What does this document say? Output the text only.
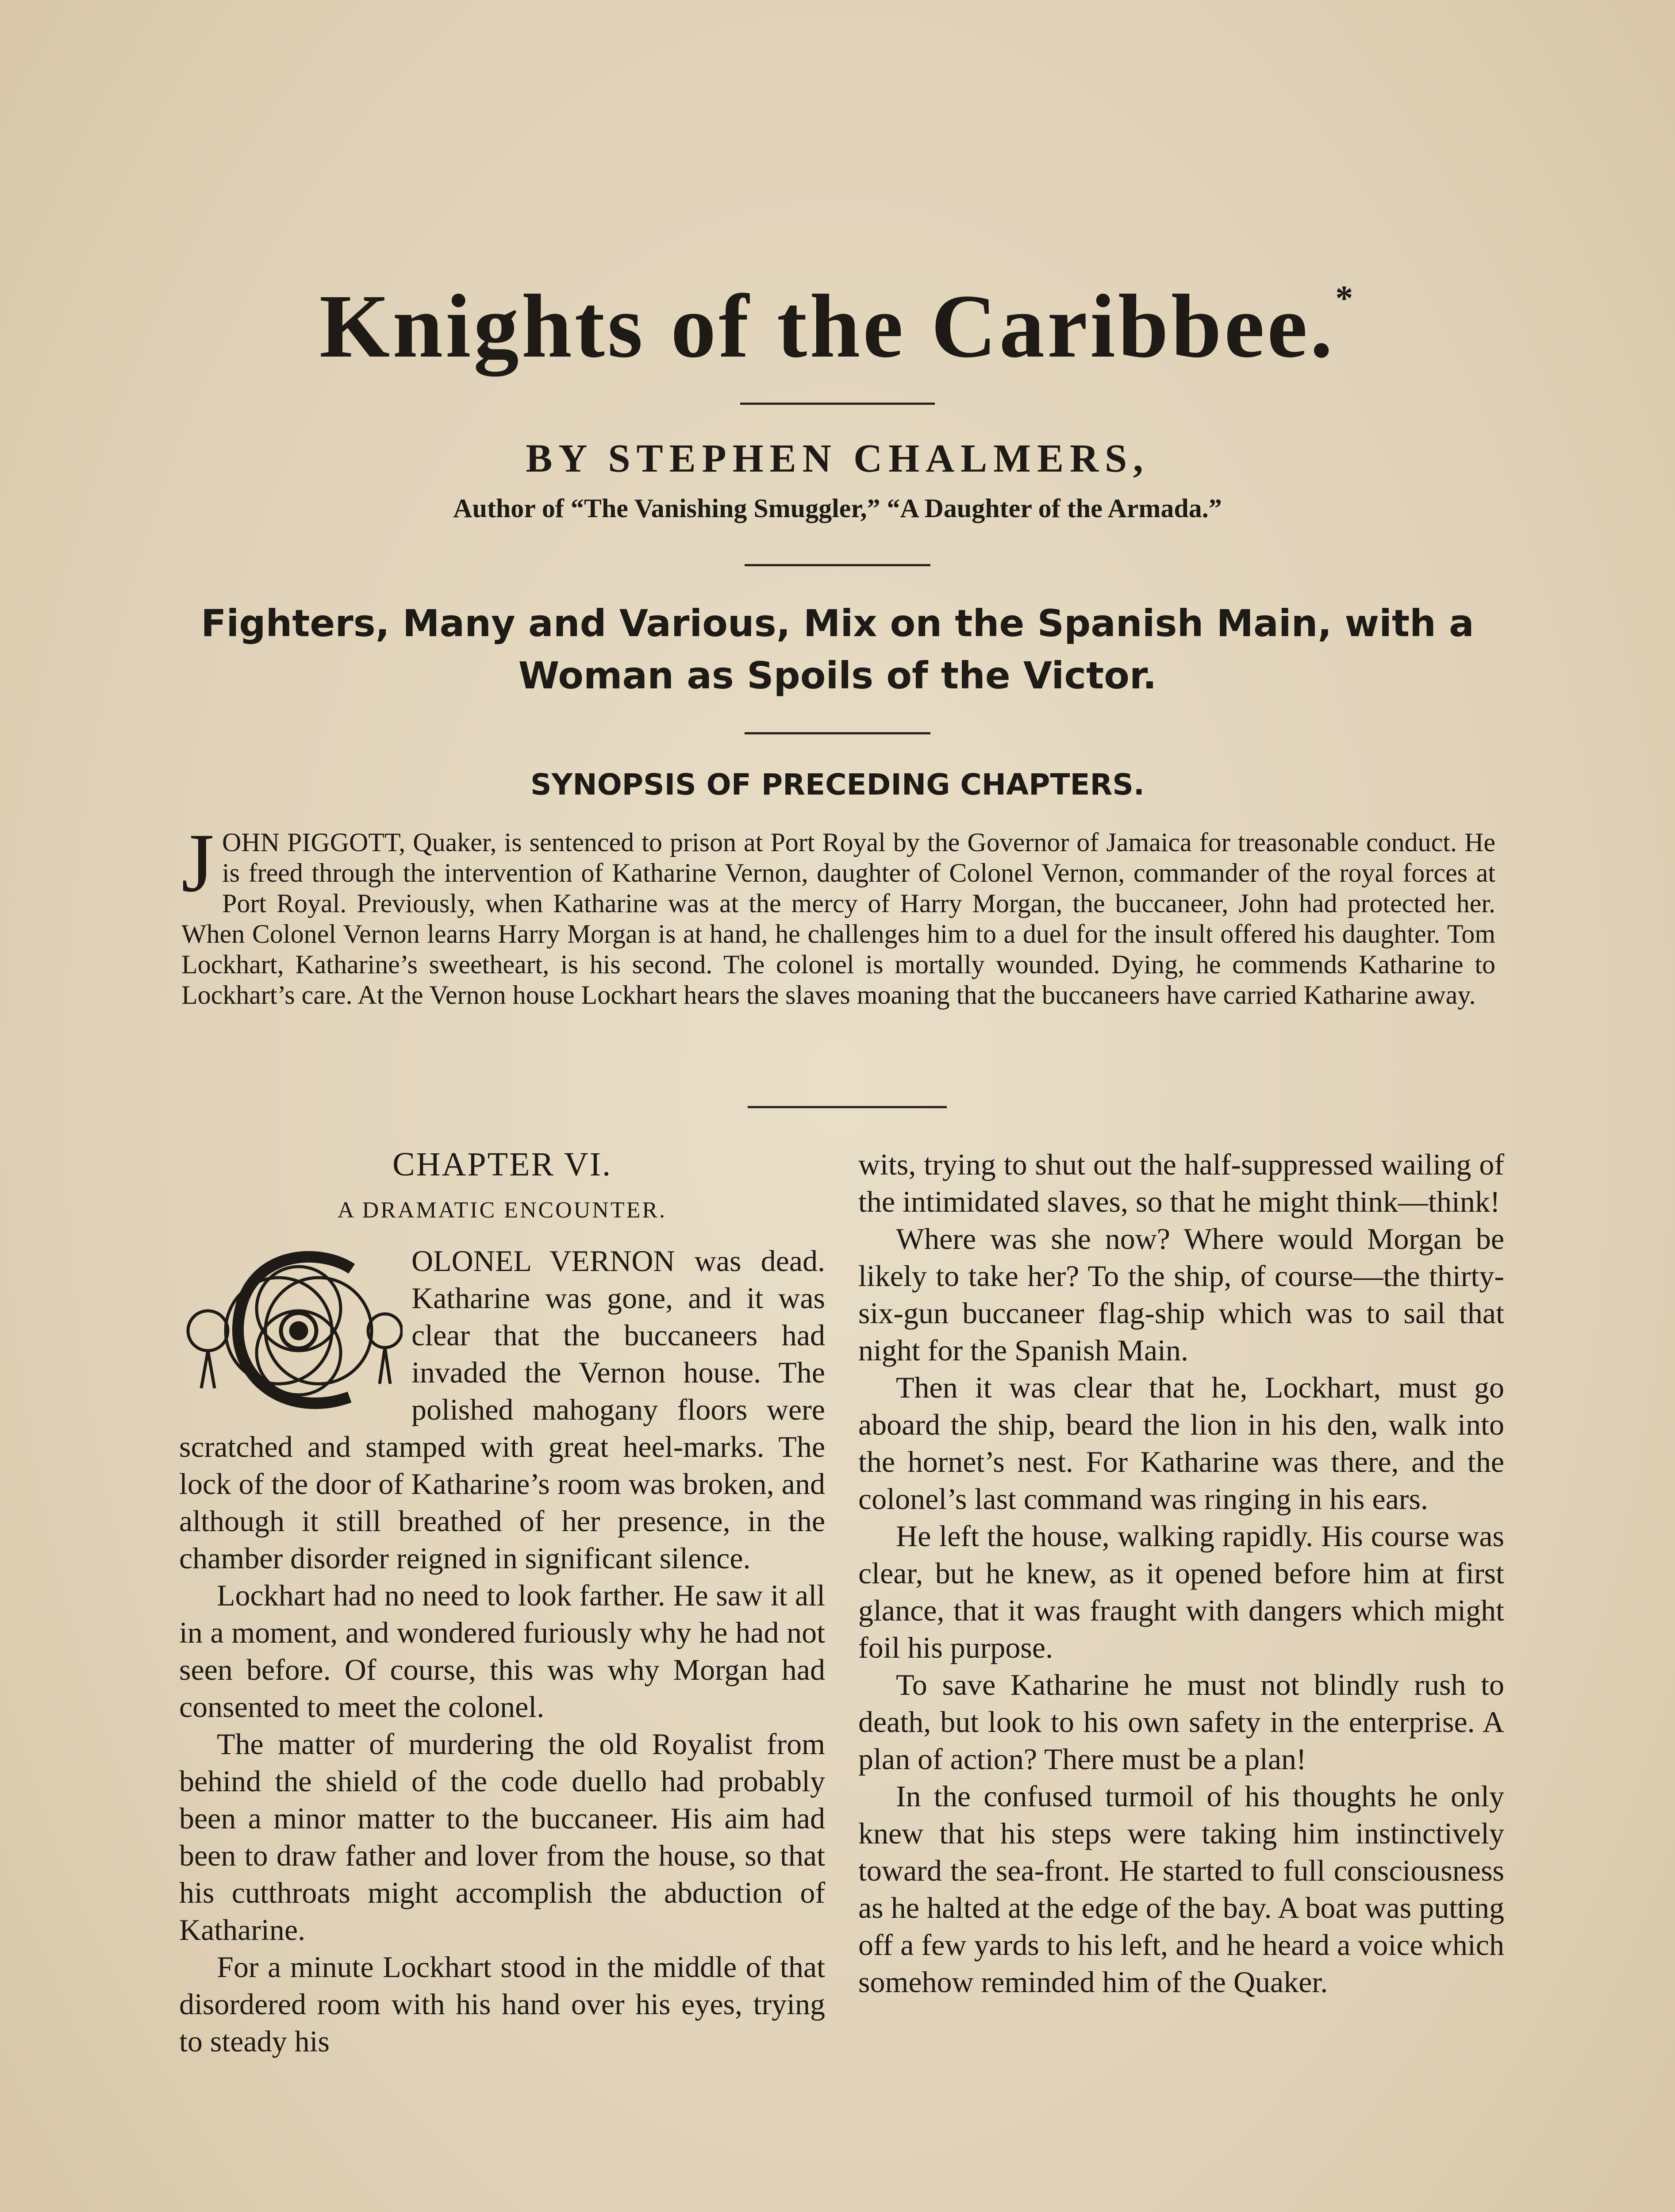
Knights of the Caribbee.*
BY STEPHEN CHALMERS,
Author of “The Vanishing Smuggler,” “A Daughter of the Armada.”
Fighters, Many and Various, Mix on the Spanish Main, with a Woman as Spoils of the Victor.
SYNOPSIS OF PRECEDING CHAPTERS.

JOHN PIGGOTT, Quaker, is sentenced to prison at Port Royal by the Governor of Jamaica for treasonable conduct. He is freed through the intervention of Katharine Vernon, daughter of Colonel Vernon, commander of the royal forces at Port Royal. Previously, when Katharine was at the mercy of Harry Morgan, the buccaneer, John had protected her. When Colonel Vernon learns Harry Morgan is at hand, he challenges him to a duel for the insult offered his daughter. Tom Lockhart, Katharine’s sweetheart, is his second. The colonel is mortally wounded. Dying, he commends Katharine to Lockhart’s care. At the Vernon house Lockhart hears the slaves moaning that the buccaneers have carried Katharine away.

CHAPTER VI.
A DRAMATIC ENCOUNTER.

OLONEL VERNON was dead. Katharine was gone, and it was clear that the buccaneers had invaded the Vernon house. The polished mahogany floors were scratched and stamped with great heel-marks. The lock of the door of Katharine’s room was broken, and although it still breathed of her presence, in the chamber disorder reigned in significant silence.

Lockhart had no need to look farther. He saw it all in a moment, and wondered furiously why he had not seen before. Of course, this was why Morgan had consented to meet the colonel.

The matter of murdering the old Royalist from behind the shield of the code duello had probably been a minor matter to the buccaneer. His aim had been to draw father and lover from the house, so that his cutthroats might accomplish the abduction of Katharine.

For a minute Lockhart stood in the middle of that disordered room with his hand over his eyes, trying to steady his

wits, trying to shut out the half-suppressed wailing of the intimidated slaves, so that he might think—think!

Where was she now? Where would Morgan be likely to take her? To the ship, of course—the thirty-six-gun buccaneer flag-ship which was to sail that night for the Spanish Main.

Then it was clear that he, Lockhart, must go aboard the ship, beard the lion in his den, walk into the hornet’s nest. For Katharine was there, and the colonel’s last command was ringing in his ears.

He left the house, walking rapidly. His course was clear, but he knew, as it opened before him at first glance, that it was fraught with dangers which might foil his purpose.

To save Katharine he must not blindly rush to death, but look to his own safety in the enterprise. A plan of action? There must be a plan!

In the confused turmoil of his thoughts he only knew that his steps were taking him instinctively toward the sea-front. He started to full consciousness as he halted at the edge of the bay. A boat was putting off a few yards to his left, and he heard a voice which somehow reminded him of the Quaker.
